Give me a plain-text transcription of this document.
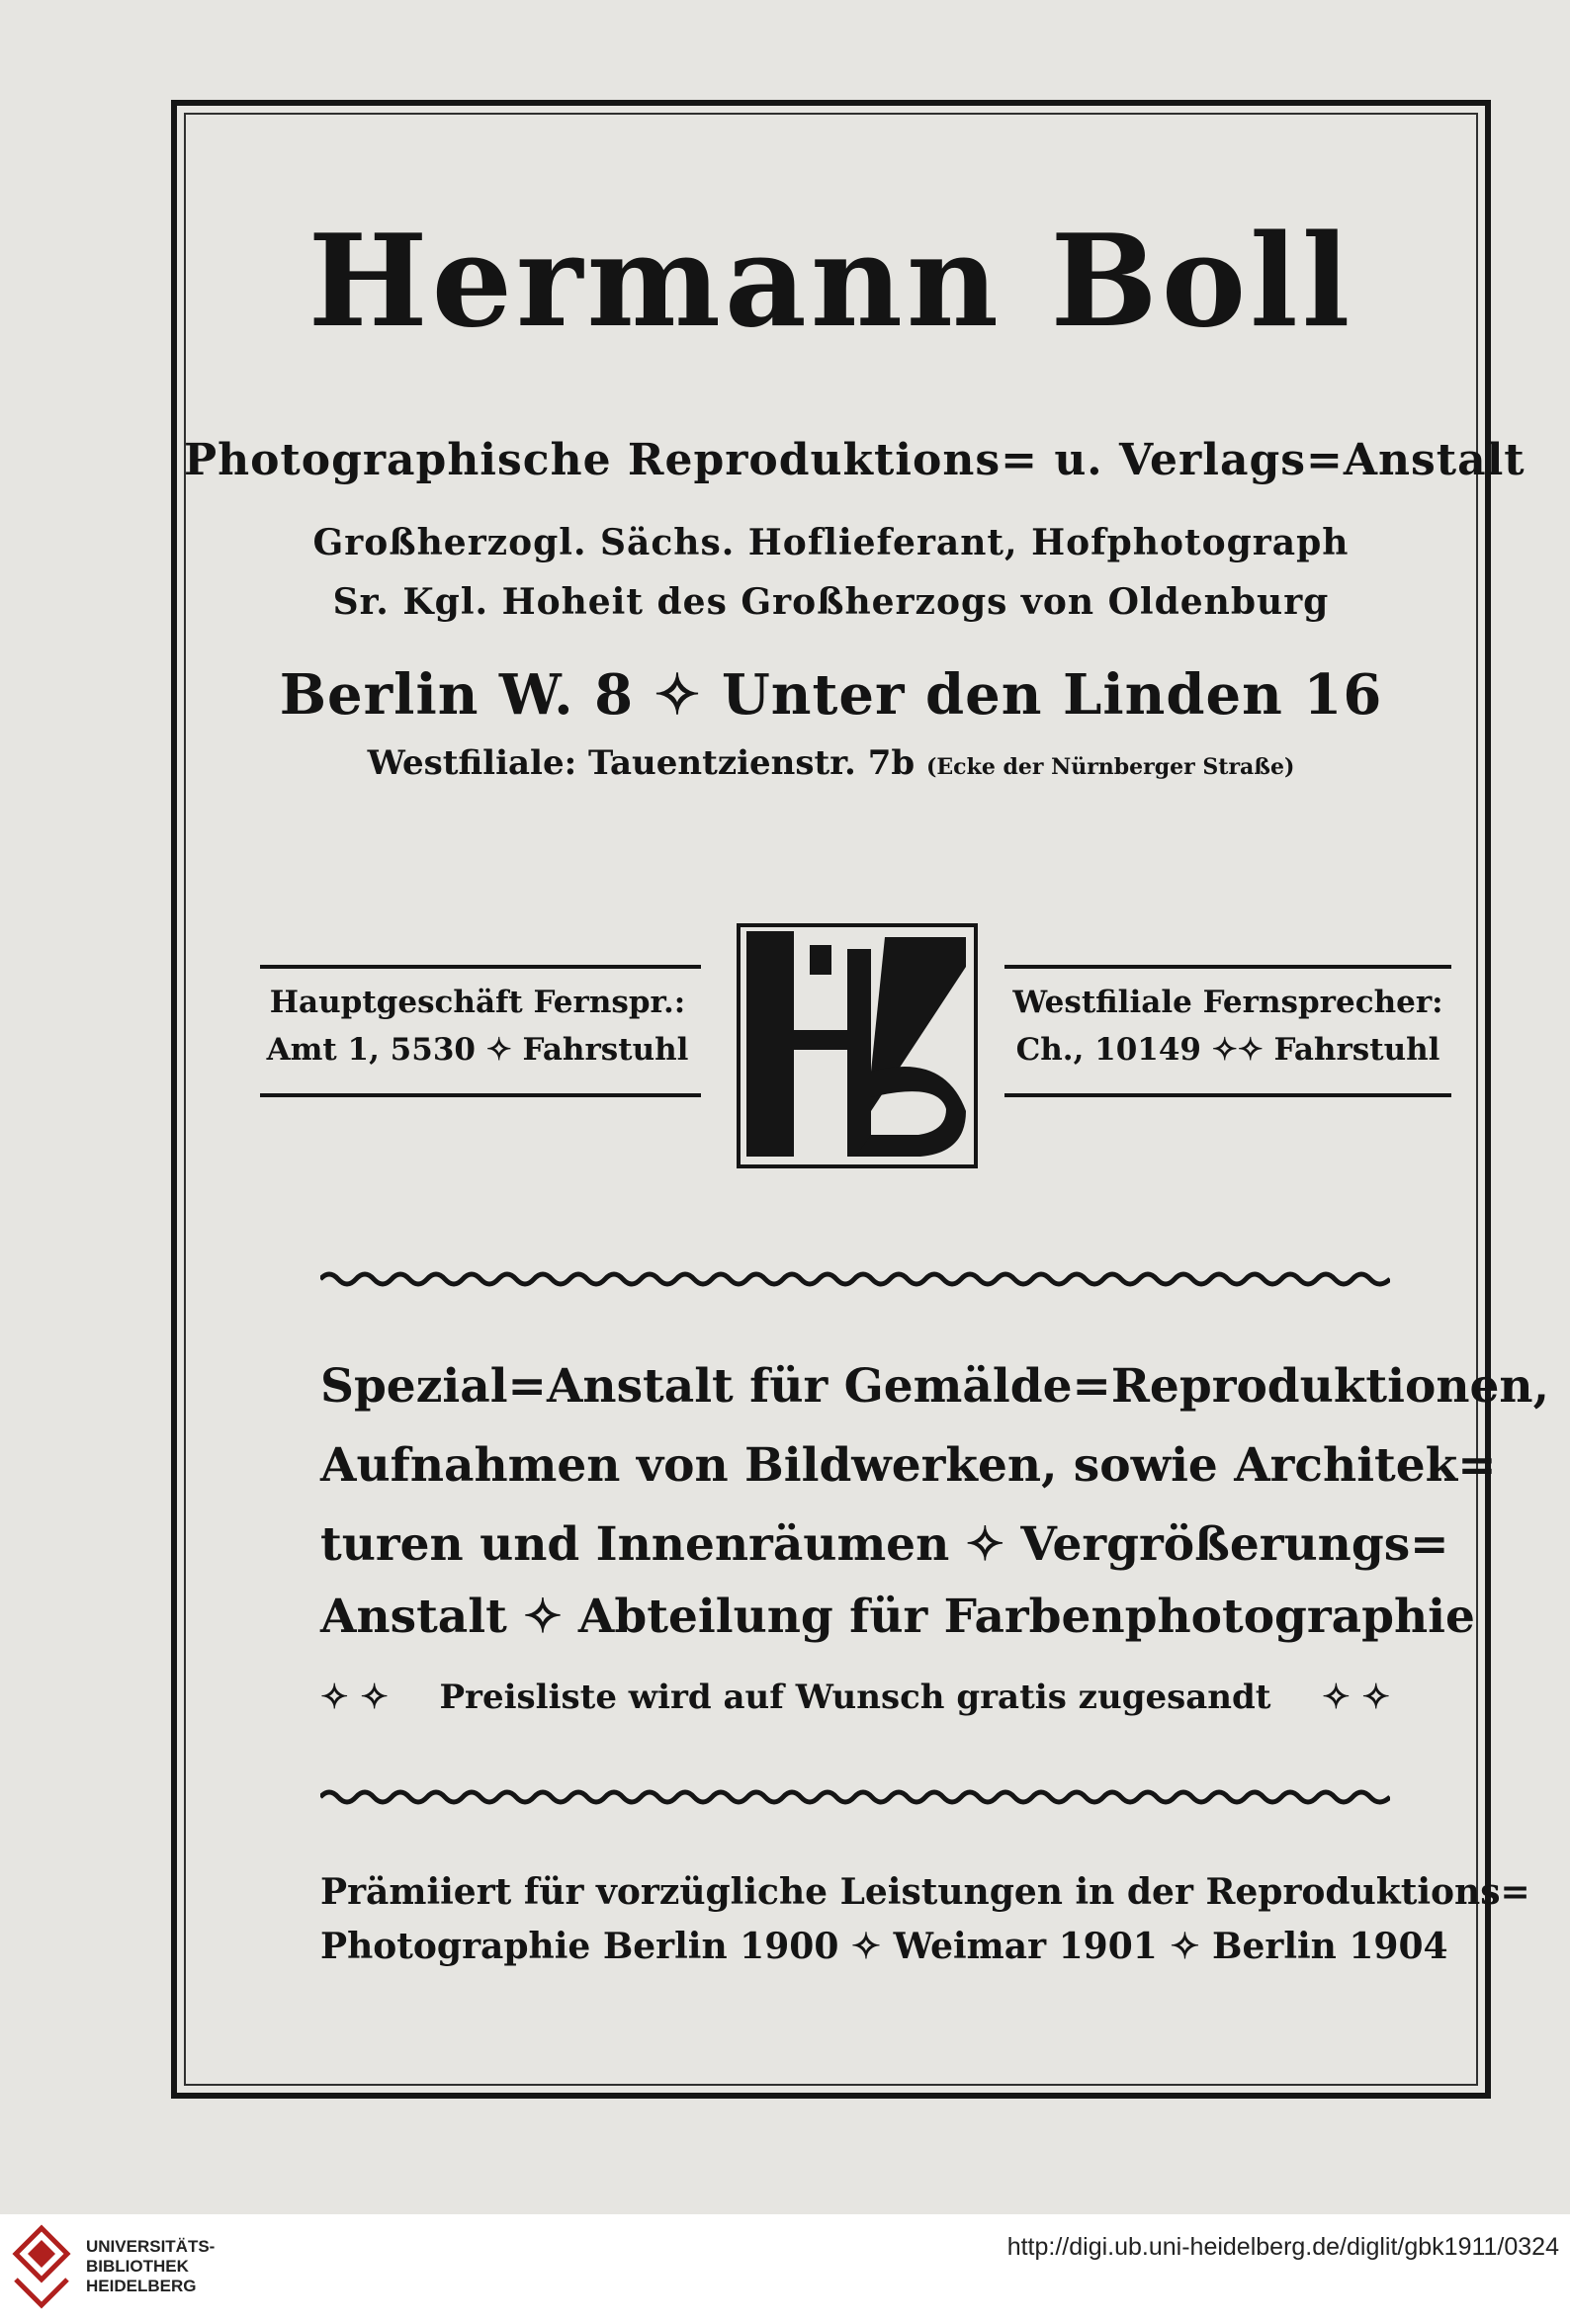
Hermann Boll
Photographische Reproduktions= u. Verlags=Anstalt
Großherzogl. Sächs. Hoflieferant, Hofphotograph
Sr. Kgl. Hoheit des Großherzogs von Oldenburg
Berlin W. 8 ✧ Unter den Linden 16
Westfiliale: Tauentzienstr. 7b (Ecke der Nürnberger Straße)
Hauptgeschäft Fernspr.:
Amt 1, 5530 ✧ Fahrstuhl
Westfiliale Fernsprecher:
Ch., 10149 ✧✧ Fahrstuhl
Spezial=Anstalt für Gemälde=Reproduktionen,
Aufnahmen von Bildwerken, sowie Architek=
turen und Innenräumen ✧ Vergrößerungs=
Anstalt ✧ Abteilung für Farbenphotographie
✧ ✧ Preisliste wird auf Wunsch gratis zugesandt ✧ ✧
Prämiiert für vorzügliche Leistungen in der Reproduktions=
Photographie Berlin 1900 ✧ Weimar 1901 ✧ Berlin 1904
UNIVERSITÄTS-
BIBLIOTHEK
HEIDELBERG
http://digi.ub.uni-heidelberg.de/diglit/gbk1911/0324
